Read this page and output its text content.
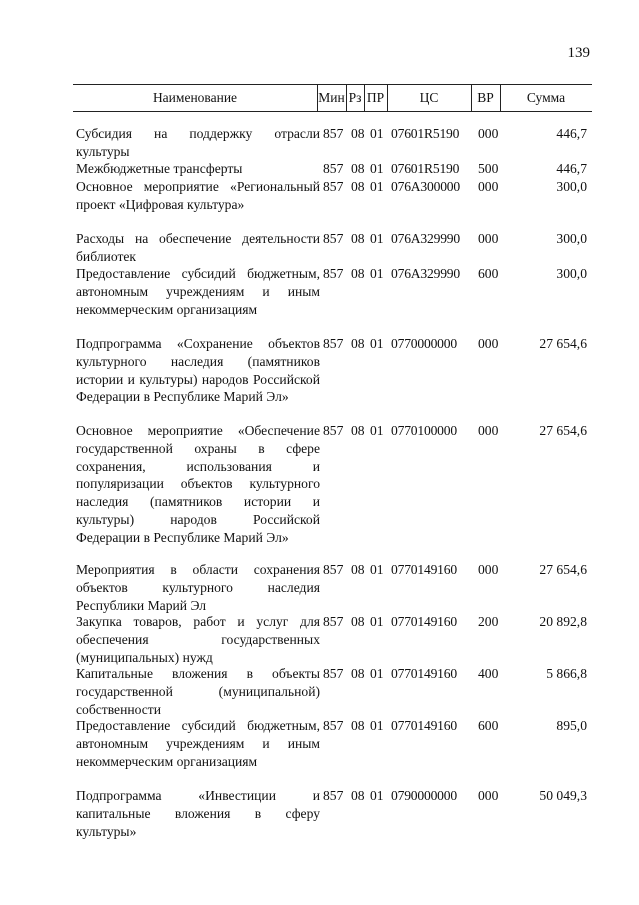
139
Наименование	Мин Рз ПР	ЦС	ВР	Сумма
Субсидия на поддержку отрасли культуры
857 08 01 07601R5190 000	446,7
Межбюджетные трансферты	857 08 01 07601R5190 500	446,7
Основное мероприятие «Региональный проект «Цифровая культура»
857 08 01 076A300000 000	300,0
Расходы на обеспечение деятельности библиотек
857 08 01 076A329990 000	300,0
Предоставление субсидий бюджетным, автономным учреждениям и иным некоммерческим организациям
857 08 01 076A329990 600	300,0
Подпрограмма «Сохранение объектов культурного наследия (памятников истории и культуры) народов Российской Федерации в Республике Марий Эл»
857 08 01 0770000000 000	27 654,6
Основное мероприятие «Обеспечение государственной охраны в сфере сохранения, использования и популяризации объектов культурного наследия (памятников истории и культуры) народов Российской Федерации в Республике Марий Эл»
857 08 01 0770100000 000	27 654,6
Мероприятия в области сохранения объектов культурного наследия Республики Марий Эл
857 08 01 0770149160 000	27 654,6
Закупка товаров, работ и услуг для обеспечения государственных (муниципальных) нужд
857 08 01 0770149160 200	20 892,8
Капитальные вложения в объекты государственной (муниципальной) собственности
857 08 01 0770149160 400	5 866,8
Предоставление субсидий бюджетным, автономным учреждениям и иным некоммерческим организациям
857 08 01 0770149160 600	895,0
Подпрограмма «Инвестиции и капитальные вложения в сферу культуры»
857 08 01 0790000000 000	50 049,3
